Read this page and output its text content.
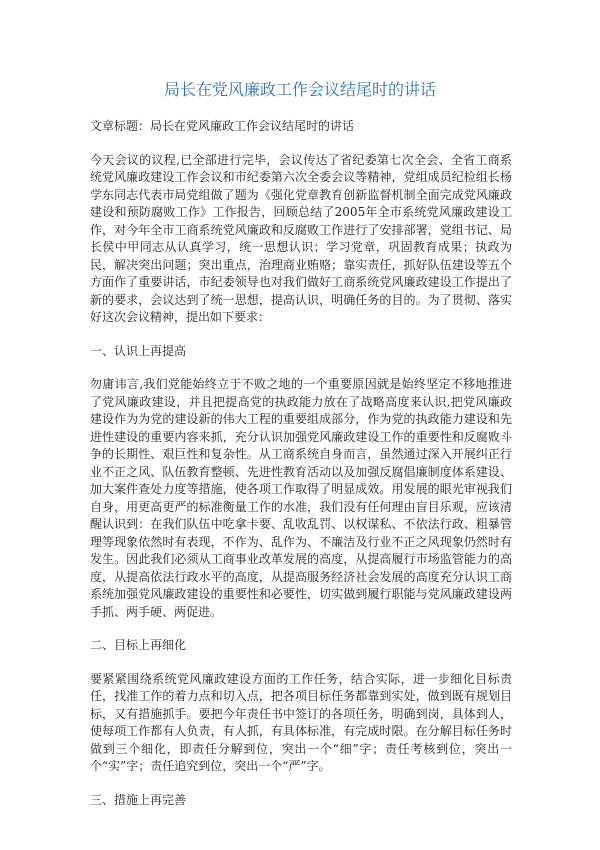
局长在党风廉政工作会议结尾时的讲话

文章标题：局长在党风廉政工作会议结尾时的讲话

今天会议的议程,已全部进行完毕，会议传达了省纪委第七次全会、全省工商系统党风廉政建设工作会议和市纪委第六次全委会议等精神，党组成员纪检组长杨学东同志代表市局党组做了题为《强化党章教育创新监督机制全面完成党风廉政建设和预防腐败工作》工作报告，回顾总结了2005年全市系统党风廉政建设工作，对今年全市工商系统党风廉政和反腐败工作进行了安排部署，党组书记、局长侯中甲同志从认真学习，统一思想认识；学习党章，巩固教育成果；执政为民，解决突出问题；突出重点，治理商业贿赂；靠实责任，抓好队伍建设等五个方面作了重要讲话，市纪委领导也对我们做好工商系统党风廉政建设工作提出了新的要求，会议达到了统一思想，提高认识，明确任务的目的。为了贯彻、落实好这次会议精神，提出如下要求：

一、认识上再提高

勿庸讳言,我们党能始终立于不败之地的一个重要原因就是始终坚定不移地推进了党风廉政建设，并且把提高党的执政能力放在了战略高度来认识,把党风廉政建设作为为党的建设新的伟大工程的重要组成部分，作为党的执政能力建设和先进性建设的重要内容来抓，充分认识加强党风廉政建设工作的重要性和反腐败斗争的长期性、艰巨性和复杂性。从工商系统自身而言，虽然通过深入开展纠正行业不正之风、队伍教育整顿、先进性教育活动以及加强反腐倡廉制度体系建设、加大案件查处力度等措施，使各项工作取得了明显成效。用发展的眼光审视我们自身，用更高更严的标准衡量工作的水准，我们没有任何理由盲目乐观，应该清醒认识到：在我们队伍中吃拿卡要、乱收乱罚、以权谋私、不依法行政、粗暴管理等现象依然时有表现，不作为、乱作为、不廉洁及行业不正之风现象仍然时有发生。因此我们必须从工商事业改革发展的高度，从提高履行市场监管能力的高度，从提高依法行政水平的高度，从提高服务经济社会发展的高度充分认识工商系统加强党风廉政建设的重要性和必要性，切实做到履行职能与党风廉政建设两手抓、两手硬、两促进。

二、目标上再细化

要紧紧围绕系统党风廉政建设方面的工作任务，结合实际，进一步细化目标责任，找准工作的着力点和切入点，把各项目标任务都靠到实处，做到既有规划目标，又有措施抓手。要把今年责任书中签订的各项任务，明确到岗，具体到人，使每项工作都有人负责，有人抓，有具体标准，有完成时限。在分解目标任务时做到三个细化，即责任分解到位，突出一个“细”字；责任考核到位，突出一个“实”字；责任追究到位，突出一个“严”字。

三、措施上再完善
